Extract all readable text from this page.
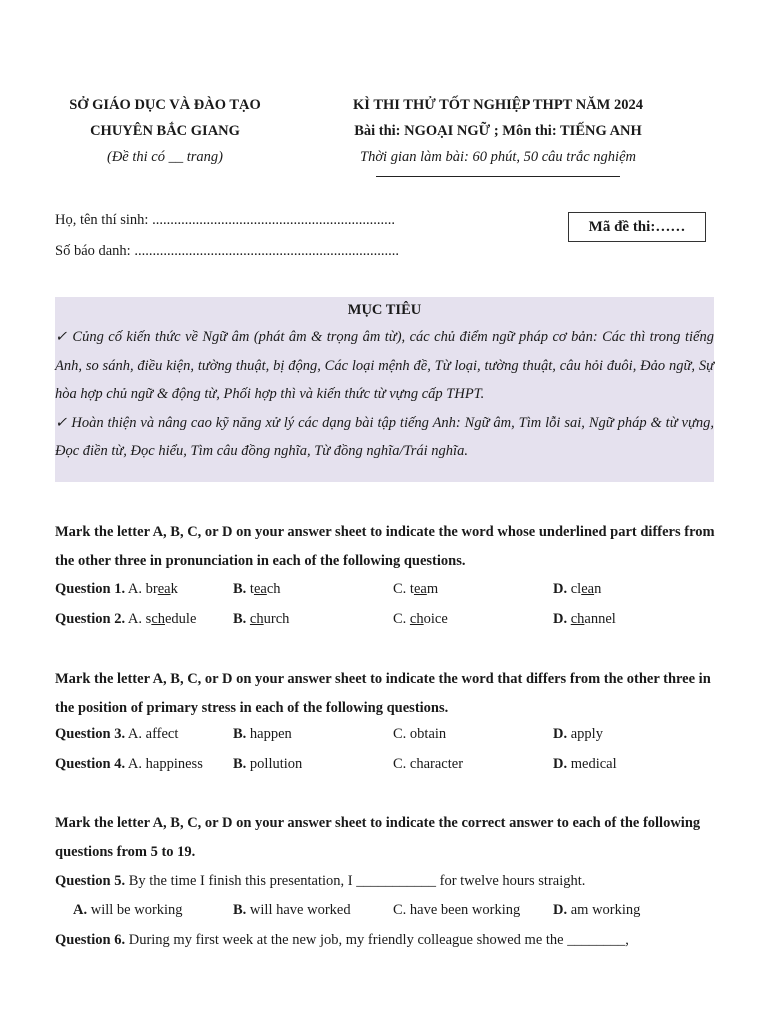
SỞ GIÁO DỤC VÀ ĐÀO TẠO
CHUYÊN BẮC GIANG
(Đề thi có __ trang)
KÌ THI THỬ TỐT NGHIỆP THPT NĂM 2024
Bài thi: NGOẠI NGỮ ; Môn thi: TIẾNG ANH
Thời gian làm bài: 60 phút, 50 câu trắc nghiệm
Họ, tên thí sinh: ...................................................................
Số báo danh: .........................................................................
Mã đề thi:……
MỤC TIÊU

✓ Củng cố kiến thức về Ngữ âm (phát âm & trọng âm từ), các chủ điểm ngữ pháp cơ bản: Các thì trong tiếng Anh, so sánh, điều kiện, tường thuật, bị động, Các loại mệnh đề, Từ loại, tường thuật, câu hỏi đuôi, Đảo ngữ, Sự hòa hợp chủ ngữ & động từ, Phối hợp thì và kiến thức từ vựng cấp THPT.

✓ Hoàn thiện và nâng cao kỹ năng xử lý các dạng bài tập tiếng Anh: Ngữ âm, Tìm lỗi sai, Ngữ pháp & từ vựng, Đọc điền từ, Đọc hiểu, Tìm câu đồng nghĩa, Từ đồng nghĩa/Trái nghĩa.

Mark the letter A, B, C, or D on your answer sheet to indicate the word whose underlined part differs from the other three in pronunciation in each of the following questions.
Question 1. A. break	B. teach	C. team	D. clean
Question 2. A. schedule	B. church	C. choice	D. channel
Mark the letter A, B, C, or D on your answer sheet to indicate the word that differs from the other three in the position of primary stress in each of the following questions.
Question 3. A. affect	B. happen	C. obtain	D. apply
Question 4. A. happiness B. pollution	C. character	D. medical
Mark the letter A, B, C, or D on your answer sheet to indicate the correct answer to each of the following questions from 5 to 19.
Question 5. By the time I finish this presentation, I ___________ for twelve hours straight.
A. will be working	B. will have worked	C. have been working D. am working
Question 6. During my first week at the new job, my friendly colleague showed me the ________,
